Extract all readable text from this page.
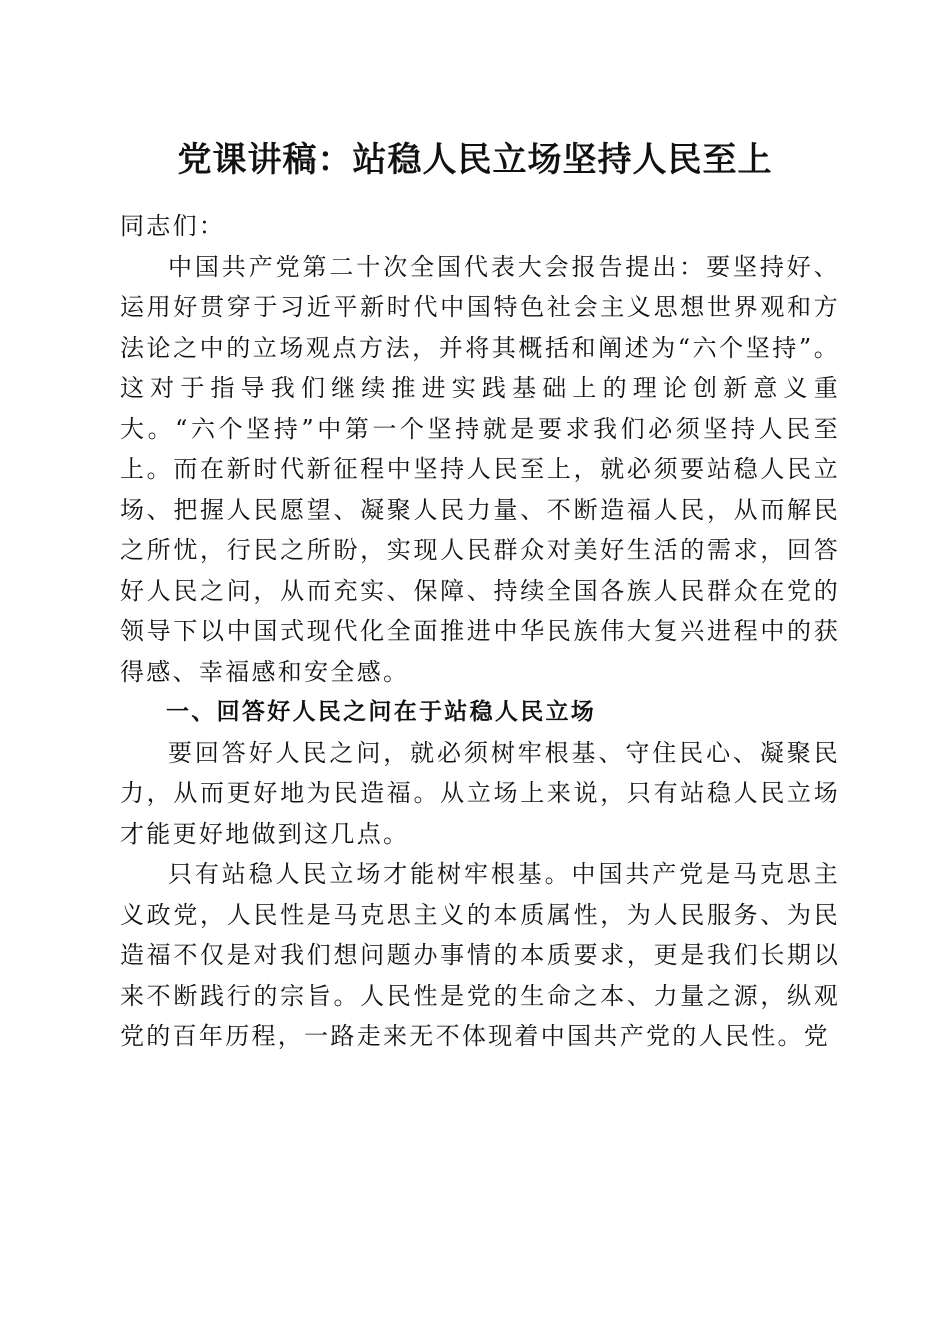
党课讲稿：站稳人民立场坚持人民至上

同志们：

中国共产党第二十次全国代表大会报告提出：要坚持好、运用好贯穿于习近平新时代中国特色社会主义思想世界观和方法论之中的立场观点方法，并将其概括和阐述为“六个坚持”。这对于指导我们继续推进实践基础上的理论创新意义重大。“六个坚持”中第一个坚持就是要求我们必须坚持人民至上。而在新时代新征程中坚持人民至上，就必须要站稳人民立场、把握人民愿望、凝聚人民力量、不断造福人民，从而解民之所忧，行民之所盼，实现人民群众对美好生活的需求，回答好人民之问，从而充实、保障、持续全国各族人民群众在党的领导下以中国式现代化全面推进中华民族伟大复兴进程中的获得感、幸福感和安全感。

一、回答好人民之问在于站稳人民立场

要回答好人民之问，就必须树牢根基、守住民心、凝聚民力，从而更好地为民造福。从立场上来说，只有站稳人民立场才能更好地做到这几点。

只有站稳人民立场才能树牢根基。中国共产党是马克思主义政党，人民性是马克思主义的本质属性，为人民服务、为民造福不仅是对我们想问题办事情的本质要求，更是我们长期以来不断践行的宗旨。人民性是党的生命之本、力量之源，纵观党的百年历程，一路走来无不体现着中国共产党的人民性。党
